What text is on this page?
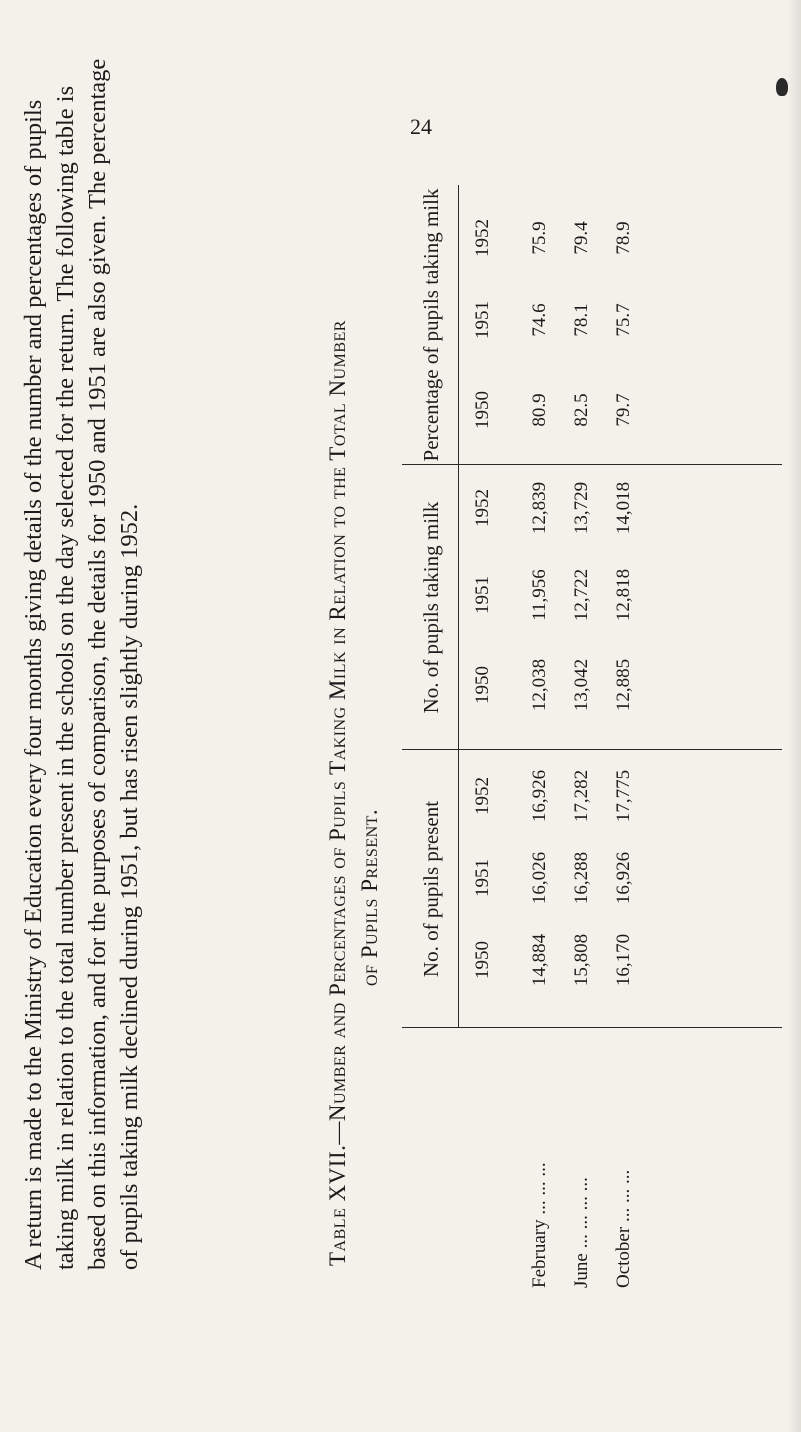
24
A return is made to the Ministry of Education every four months giving details of the number and percentages of pupils taking milk in relation to the total number present in the schools on the day selected for the return. The following table is based on this information, and for the purposes of comparison, the details for 1950 and 1951 are also given. The percentage of pupils taking milk declined during 1951, but has risen slightly during 1952.	Table XVII.—Number and Percentages of Pupils Taking Milk in Relation to the Total Number of Pupils Present.	No. of pupils present
No. of pupils taking milk
Percentage of pupils taking milk
1950
1951
1952
1950
1951
1952
1950
1951
1952
February ... ... ...
14,884
16,026
16,926
12,038
11,956
12,839
80.9
74.6
75.9
June ... ... ... ...
15,808
16,288
17,282
13,042
12,722
13,729
82.5
78.1
79.4
October ... ... ...
16,170
16,926
17,775
12,885
12,818
14,018
79.7
75.7
78.9
